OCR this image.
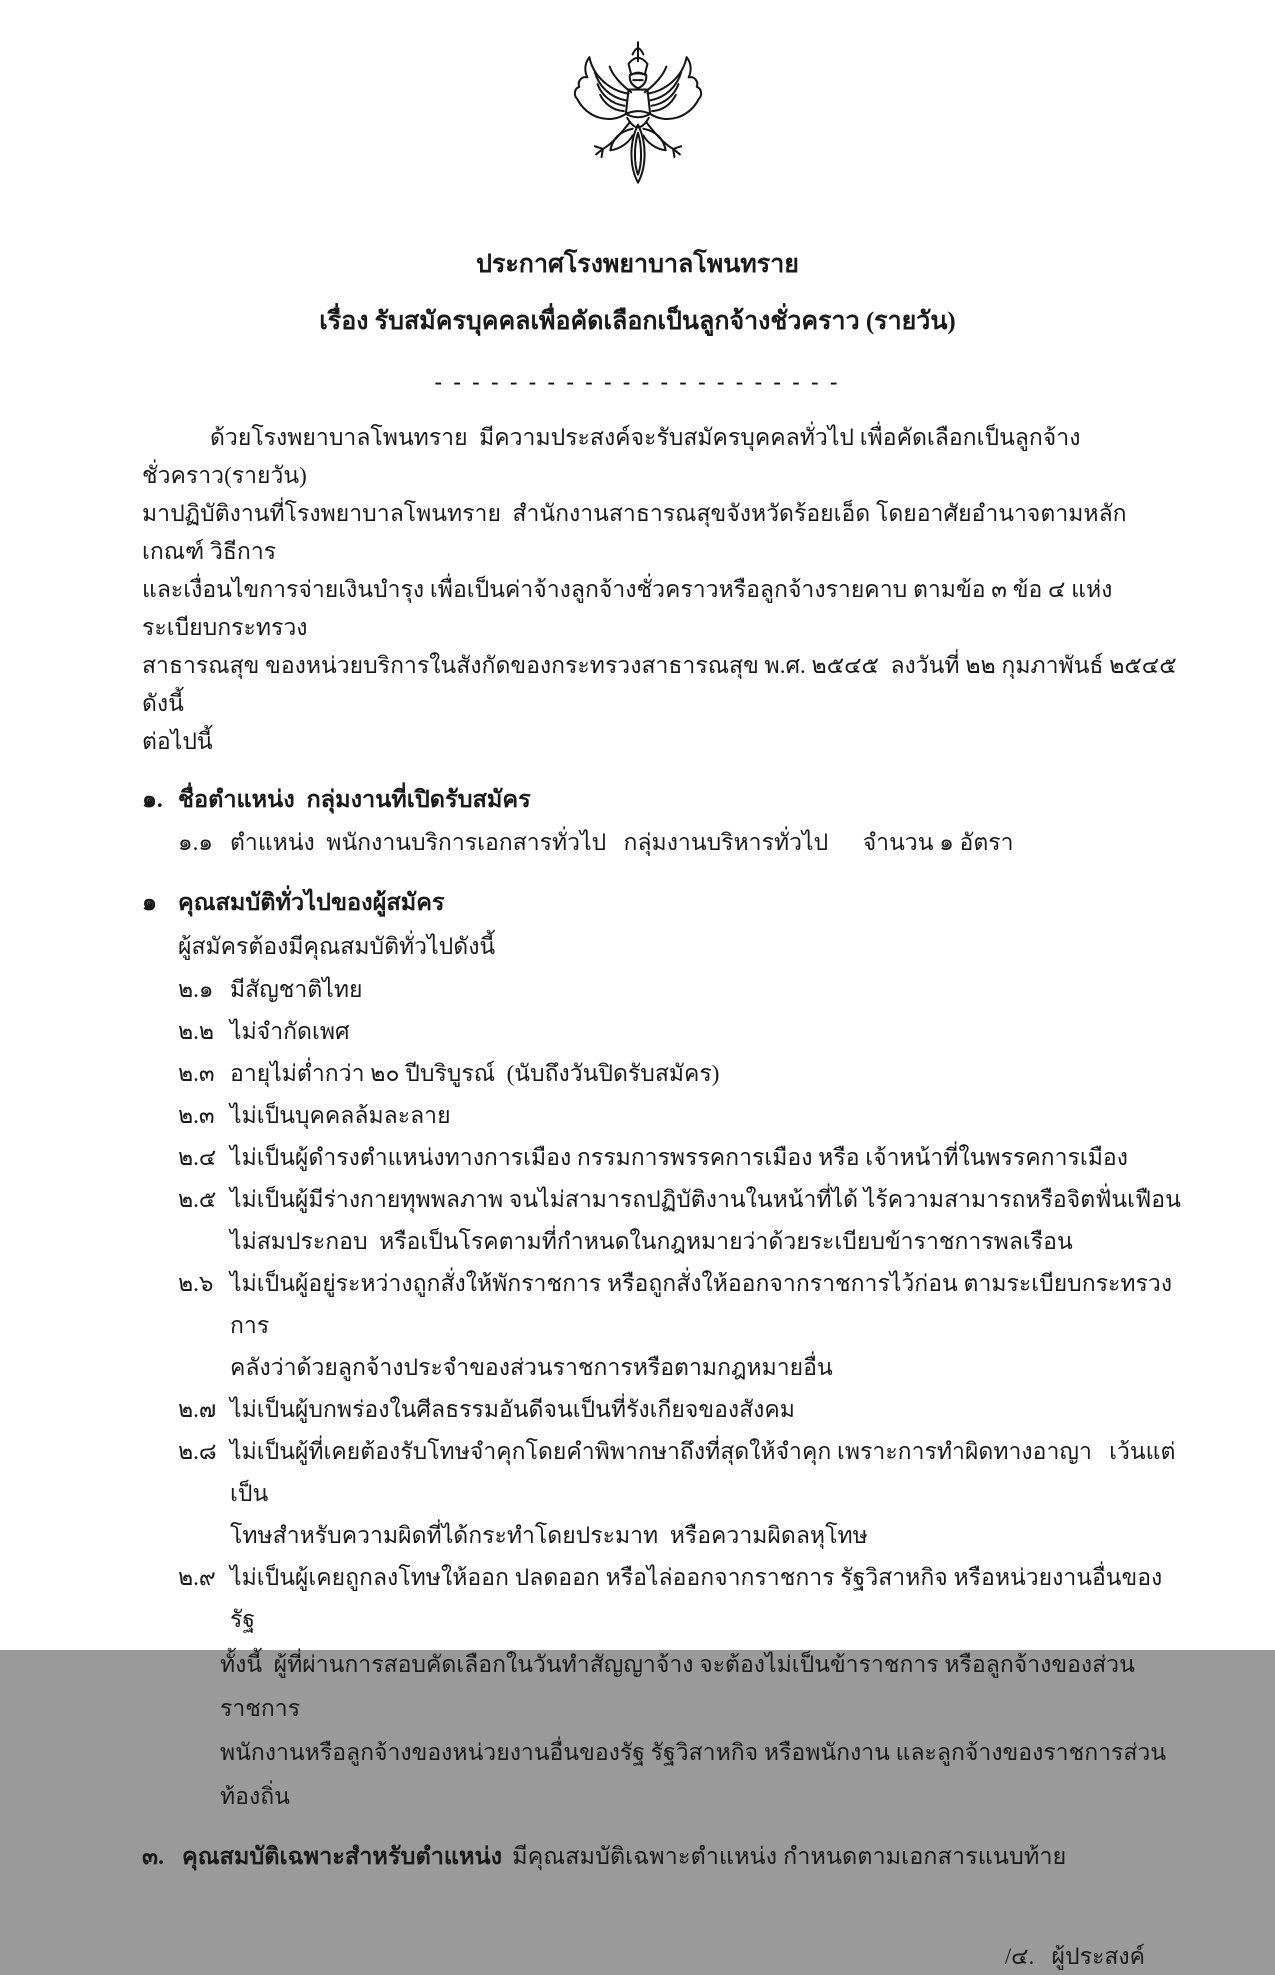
ประกาศโรงพยาบาลโพนทราย
เรื่อง รับสมัครบุคคลเพื่อคัดเลือกเป็นลูกจ้างชั่วคราว (รายวัน)
- - - - - - - - - - - - - - - - - - - - - -
ด้วยโรงพยาบาลโพนทราย  มีความประสงค์จะรับสมัครบุคคลทั่วไป เพื่อคัดเลือกเป็นลูกจ้างชั่วคราว(รายวัน)
มาปฏิบัติงานที่โรงพยาบาลโพนทราย  สำนักงานสาธารณสุขจังหวัดร้อยเอ็ด โดยอาศัยอำนาจตามหลักเกณฑ์ วิธีการ
และเงื่อนไขการจ่ายเงินบำรุง เพื่อเป็นค่าจ้างลูกจ้างชั่วคราวหรือลูกจ้างรายคาบ ตามข้อ ๓ ข้อ ๔ แห่งระเบียบกระทรวง
สาธารณสุข ของหน่วยบริการในสังกัดของกระทรวงสาธารณสุข พ.ศ. ๒๕๔๕  ลงวันที่ ๒๒ กุมภาพันธ์ ๒๕๔๕  ดังนี้
ต่อไปนี้
๑. ชื่อตำแหน่ง  กลุ่มงานที่เปิดรับสมัคร
๑.๑ ตำแหน่ง  พนักงานบริการเอกสารทั่วไป   กลุ่มงานบริหารทั่วไป      จำนวน ๑ อัตรา
๑ คุณสมบัติทั่วไปของผู้สมัคร
ผู้สมัครต้องมีคุณสมบัติทั่วไปดังนี้
๒.๑ มีสัญชาติไทย
๒.๒ ไม่จำกัดเพศ
๒.๓ อายุไม่ต่ำกว่า ๒๐ ปีบริบูรณ์  (นับถึงวันปิดรับสมัคร)
๒.๓ ไม่เป็นบุคคลล้มละลาย
๒.๔ ไม่เป็นผู้ดำรงตำแหน่งทางการเมือง กรรมการพรรคการเมือง หรือ เจ้าหน้าที่ในพรรคการเมือง
๒.๕ ไม่เป็นผู้มีร่างกายทุพพลภาพ จนไม่สามารถปฏิบัติงานในหน้าที่ได้ ไร้ความสามารถหรือจิตฟั่นเฟือน
ไม่สมประกอบ  หรือเป็นโรคตามที่กำหนดในกฎหมายว่าด้วยระเบียบข้าราชการพลเรือน
๒.๖ ไม่เป็นผู้อยู่ระหว่างถูกสั่งให้พักราชการ หรือถูกสั่งให้ออกจากราชการไว้ก่อน ตามระเบียบกระทรวงการ
คลังว่าด้วยลูกจ้างประจำของส่วนราชการหรือตามกฎหมายอื่น
๒.๗ ไม่เป็นผู้บกพร่องในศีลธรรมอันดีจนเป็นที่รังเกียจของสังคม
๒.๘ ไม่เป็นผู้ที่เคยต้องรับโทษจำคุกโดยคำพิพากษาถึงที่สุดให้จำคุก เพราะการทำผิดทางอาญา   เว้นแต่เป็น
โทษสำหรับความผิดที่ได้กระทำโดยประมาท  หรือความผิดลหุโทษ
๒.๙ ไม่เป็นผู้เคยถูกลงโทษให้ออก ปลดออก หรือไล่ออกจากราชการ รัฐวิสาหกิจ หรือหน่วยงานอื่นของรัฐ
ทั้งนี้  ผู้ที่ผ่านการสอบคัดเลือกในวันทำสัญญาจ้าง จะต้องไม่เป็นข้าราชการ หรือลูกจ้างของส่วนราชการ
พนักงานหรือลูกจ้างของหน่วยงานอื่นของรัฐ รัฐวิสาหกิจ หรือพนักงาน และลูกจ้างของราชการส่วนท้องถิ่น
๓. คุณสมบัติเฉพาะสำหรับตำแหน่ง มีคุณสมบัติเฉพาะตำแหน่ง กำหนดตามเอกสารแนบท้าย
/๔.   ผู้ประสงค์
